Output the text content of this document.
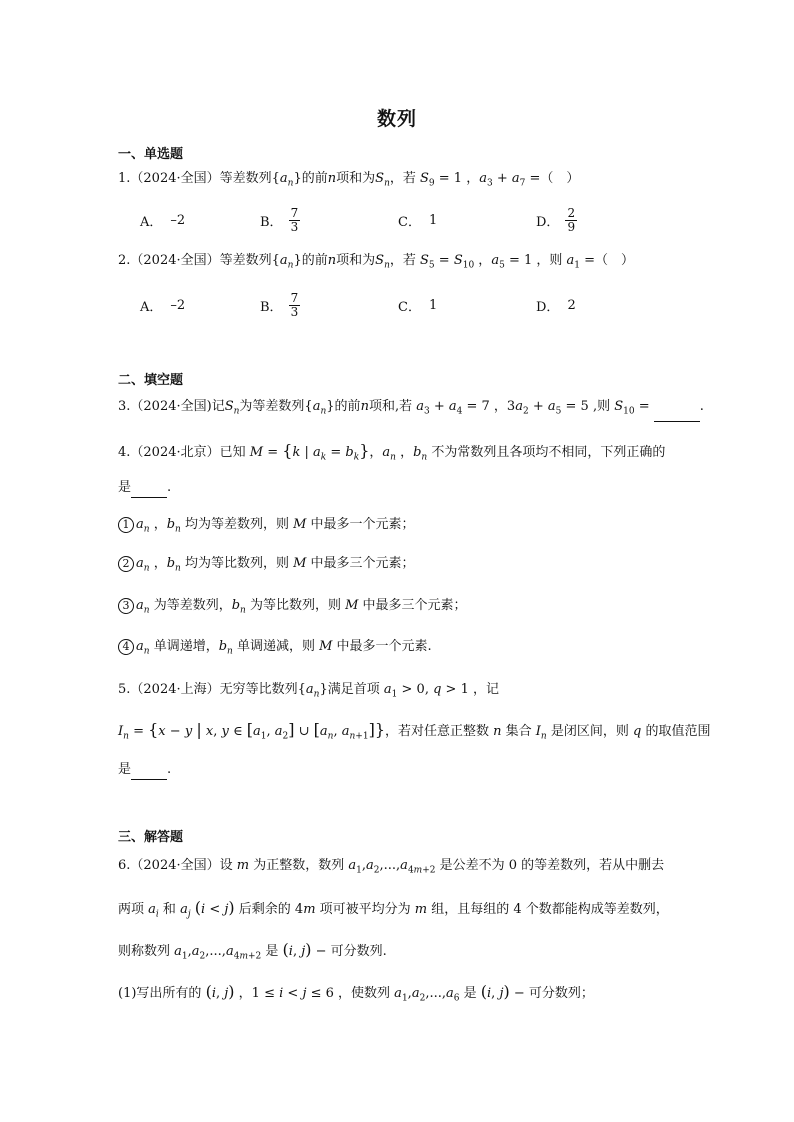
数列
一、单选题
1.（2024·全国）等差数列$\{a_n\}$的前n项和为$S_n$，若 $S_9 = 1$ ，$a_3 + a_7$ =（　）
A． –2	B． $\frac{7}{3}$	C． 1	D． $\frac{2}{9}$
2.（2024·全国）等差数列$\{a_n\}$的前n项和为$S_n$，若 $S_5 = S_{10}$ ，$a_5 = 1$ ，则 $a_1$ =（　）
A． –2	B． $\frac{7}{3}$	C． 1	D． 2
二、填空题
3.（2024·全国)记$S_n$为等差数列$\{a_n\}$的前n项和,若 $a_3 + a_4 = 7$ ，$3a_2 + a_5 = 5$ ,则 $S_{10}$ =	.
4.（2024·北京）已知 M = {k | $a_k = b_k$}，$a_n$ ，$b_n$ 不为常数列且各项均不相同，下列正确的
是	.
1 $a_n$ ，$b_n$ 均为等差数列，则 M 中最多一个元素；
2 $a_n$ ，$b_n$ 均为等比数列，则 M 中最多三个元素；
3 $a_n$ 为等差数列，$b_n$ 为等比数列，则 M 中最多三个元素；
4 $a_n$ 单调递增，$b_n$ 单调递减，则 M 中最多一个元素.
5.（2024·上海）无穷等比数列$\{a_n\}$满足首项 $a_1 > 0$, q > 1 ，记
$I_n = \{x - y$ | x, y ∈ [$a_1$, $a_2$] ∪ [$a_n$, $a_{n+1}$]}，若对任意正整数 n 集合 $I_n$ 是闭区间，则 q 的取值范围
是	.
三、解答题
6.（2024·全国）设 m 为正整数，数列 $a_1,a_2,...,a_{4m+2}$ 是公差不为 0 的等差数列，若从中删去
两项 $a_i$ 和 $a_j$ (i < j) 后剩余的 4m 项可被平均分为 m 组，且每组的 4 个数都能构成等差数列，
则称数列 $a_1,a_2,...,a_{4m+2}$ 是 (i, j) − 可分数列.
(1)写出所有的 (i, j) ，1 ≤ i < j ≤ 6 ，使数列 $a_1,a_2,...,a_6$ 是 (i, j) − 可分数列；
